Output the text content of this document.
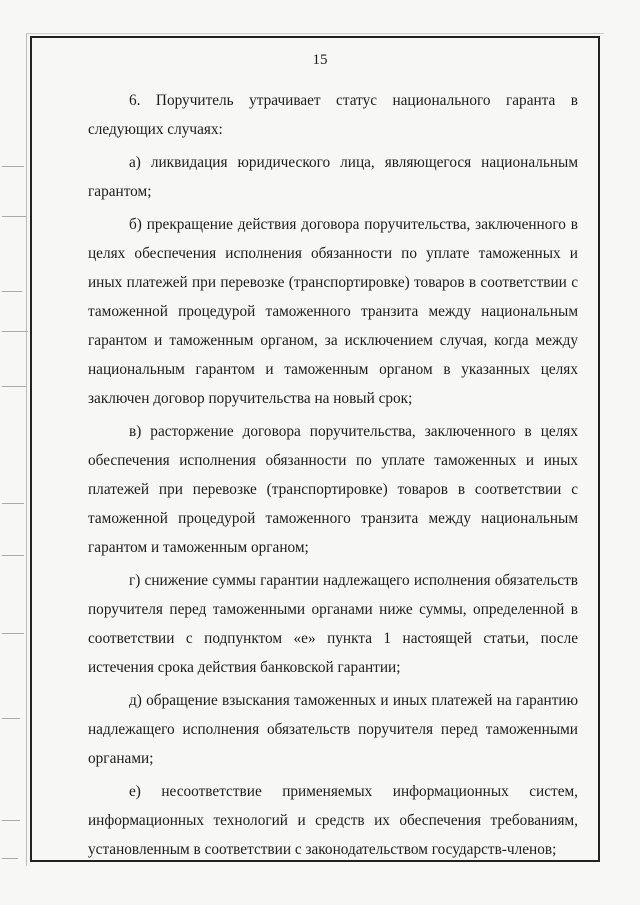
15

6. Поручитель утрачивает статус национального гаранта в следующих случаях:

а) ликвидация юридического лица, являющегося национальным гарантом;

б) прекращение действия договора поручительства, заключенного в целях обеспечения исполнения обязанности по уплате таможенных и иных платежей при перевозке (транспортировке) товаров в соответствии с таможенной процедурой таможенного транзита между национальным гарантом и таможенным органом, за исключением случая, когда между национальным гарантом и таможенным органом в указанных целях заключен договор поручительства на новый срок;

в) расторжение договора поручительства, заключенного в целях обеспечения исполнения обязанности по уплате таможенных и иных платежей при перевозке (транспортировке) товаров в соответствии с таможенной процедурой таможенного транзита между национальным гарантом и таможенным органом;

г) снижение суммы гарантии надлежащего исполнения обязательств поручителя перед таможенными органами ниже суммы, определенной в соответствии с подпунктом «е» пункта 1 настоящей статьи, после истечения срока действия банковской гарантии;

д) обращение взыскания таможенных и иных платежей на гарантию надлежащего исполнения обязательств поручителя перед таможенными органами;

е) несоответствие применяемых информационных систем, информационных технологий и средств их обеспечения требованиям, установленным в соответствии с законодательством государств-членов;
